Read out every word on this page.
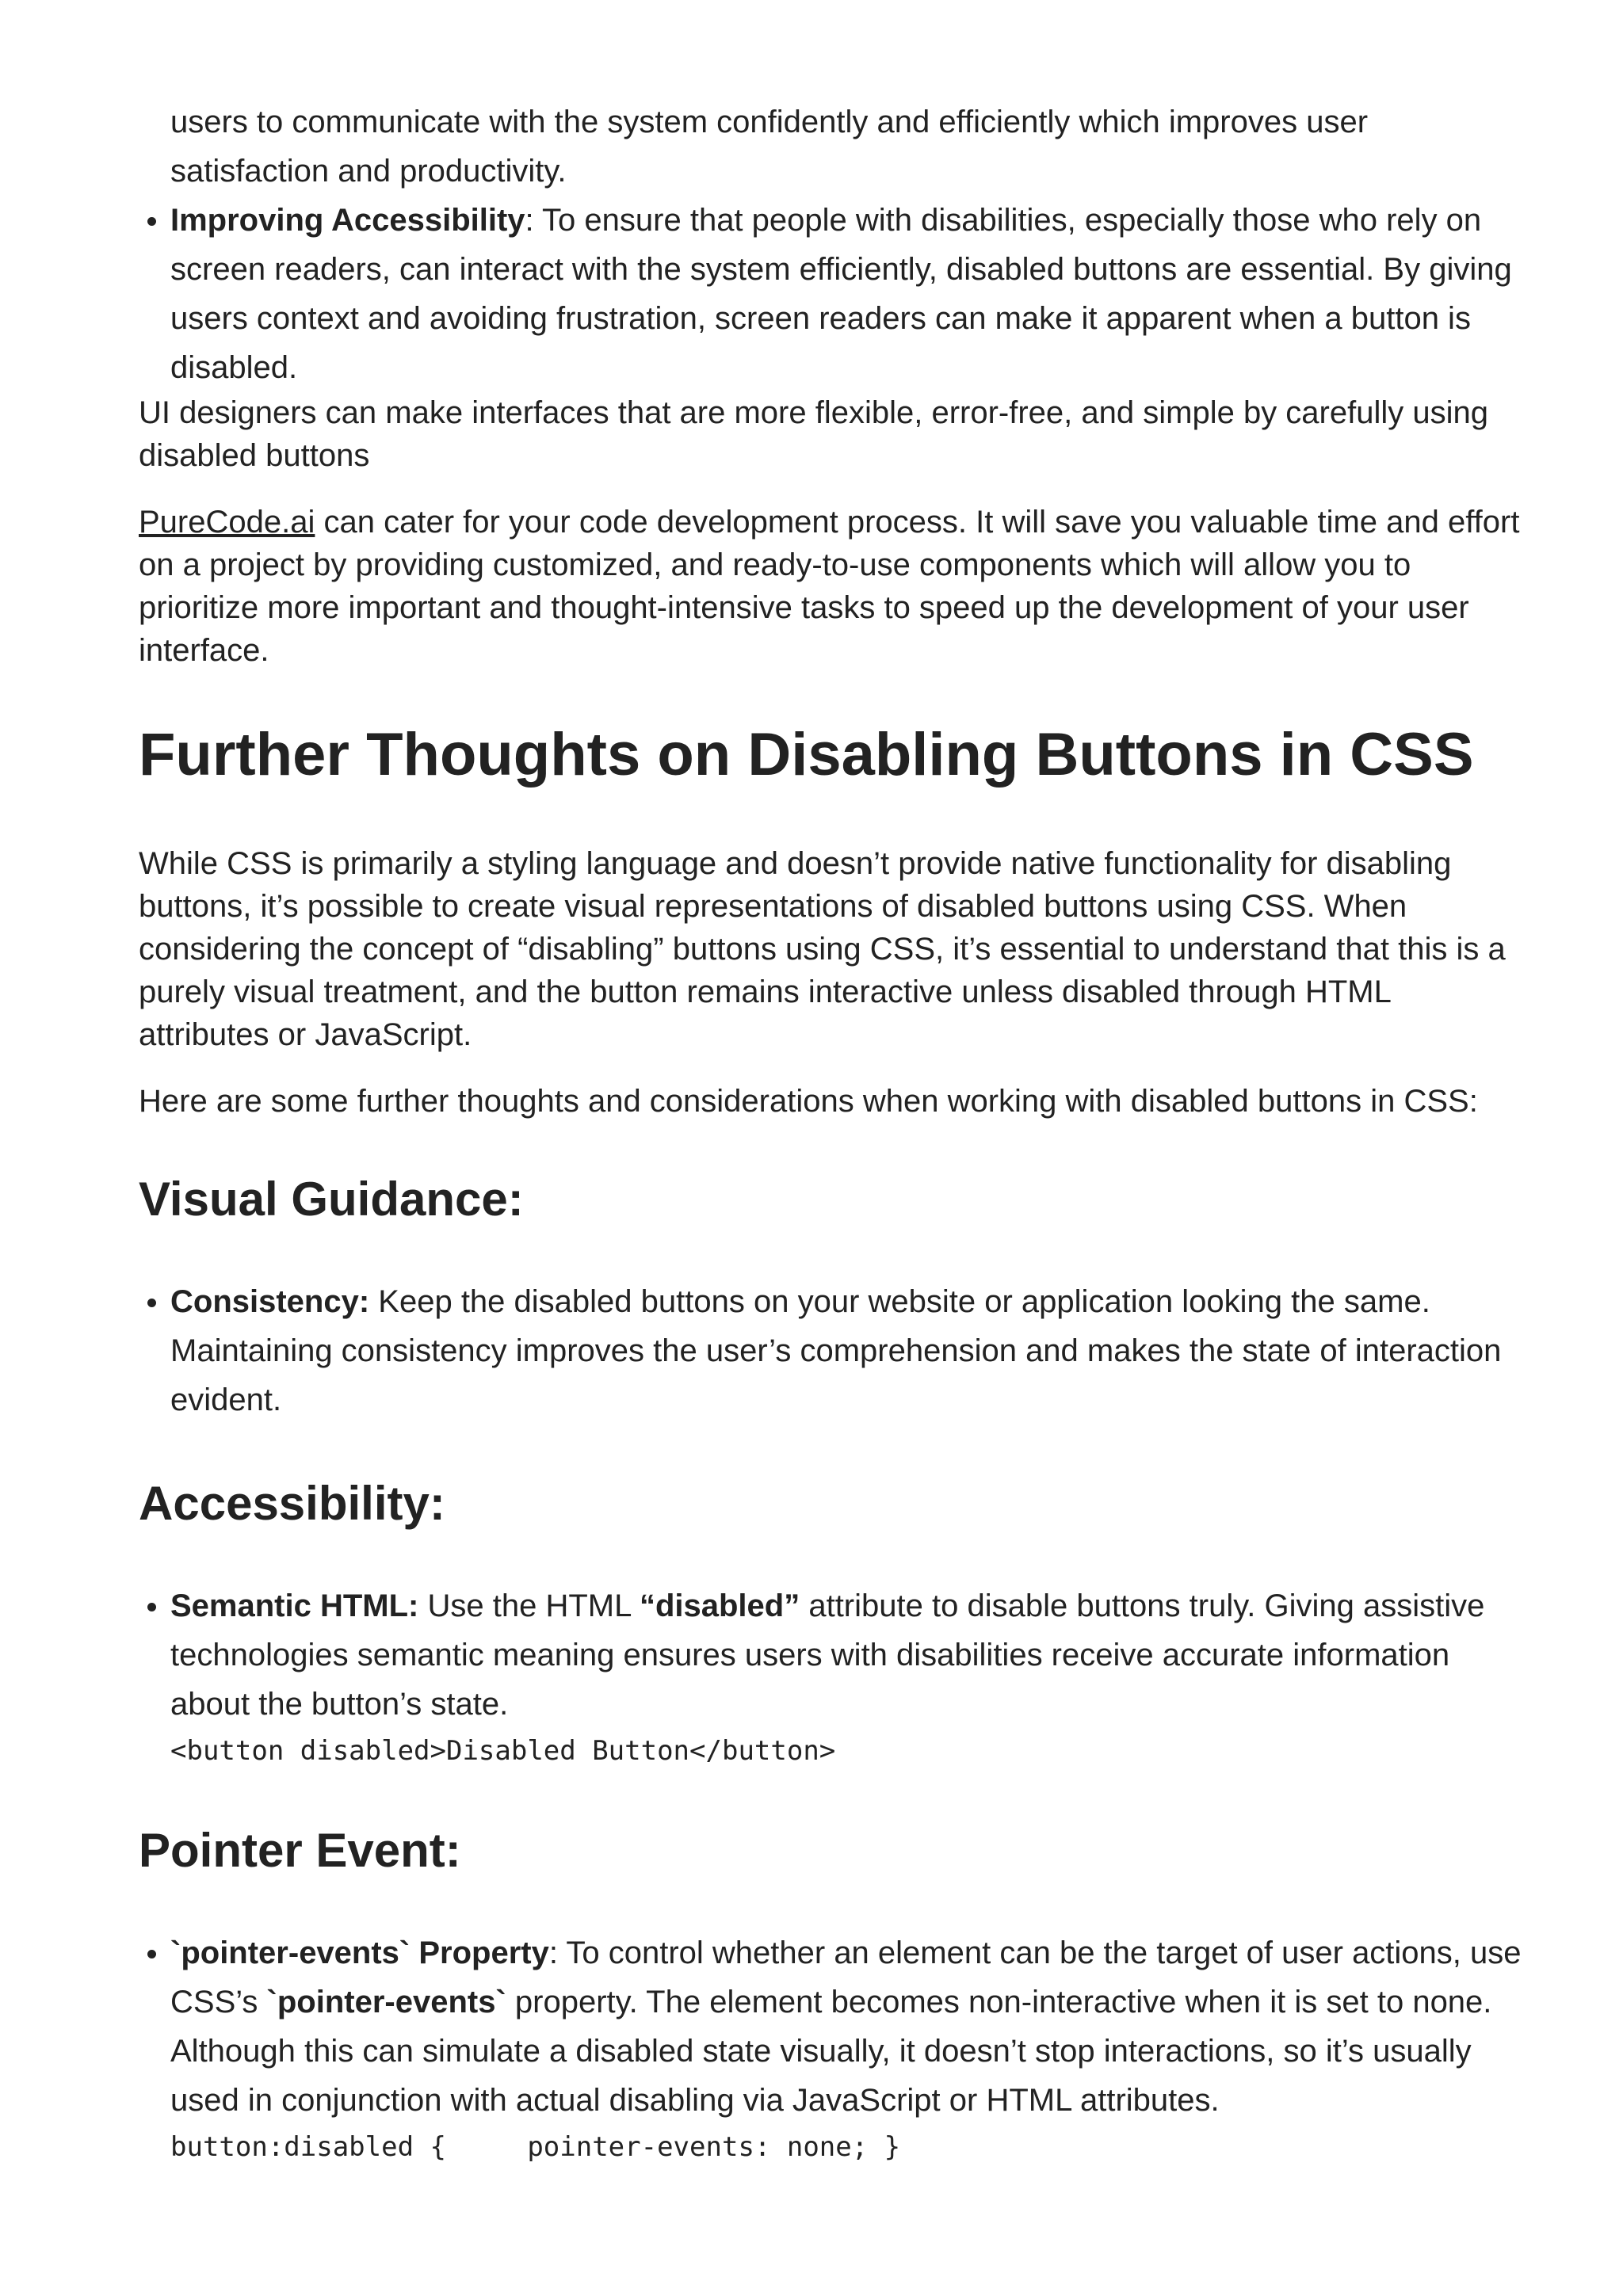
users to communicate with the system confidently and efficiently which improves user satisfaction and productivity.
• Improving Accessibility: To ensure that people with disabilities, especially those who rely on screen readers, can interact with the system efficiently, disabled buttons are essential. By giving users context and avoiding frustration, screen readers can make it apparent when a button is disabled.

UI designers can make interfaces that are more flexible, error-free, and simple by carefully using disabled buttons

PureCode.ai can cater for your code development process. It will save you valuable time and effort on a project by providing customized, and ready-to-use components which will allow you to prioritize more important and thought-intensive tasks to speed up the development of your user interface.

Further Thoughts on Disabling Buttons in CSS

While CSS is primarily a styling language and doesn’t provide native functionality for disabling buttons, it’s possible to create visual representations of disabled buttons using CSS. When considering the concept of “disabling” buttons using CSS, it’s essential to understand that this is a purely visual treatment, and the button remains interactive unless disabled through HTML attributes or JavaScript.

Here are some further thoughts and considerations when working with disabled buttons in CSS:

Visual Guidance:
• Consistency: Keep the disabled buttons on your website or application looking the same. Maintaining consistency improves the user’s comprehension and makes the state of interaction evident.
Accessibility:
• Semantic HTML: Use the HTML “disabled” attribute to disable buttons truly. Giving assistive technologies semantic meaning ensures users with disabilities receive accurate information about the button’s state.
<button disabled>Disabled Button</button>
Pointer Event:
• `pointer-events` Property: To control whether an element can be the target of user actions, use CSS’s `pointer-events` property. The element becomes non-interactive when it is set to none. Although this can simulate a disabled state visually, it doesn’t stop interactions, so it’s usually used in conjunction with actual disabling via JavaScript or HTML attributes.
button:disabled {     pointer-events: none; }
